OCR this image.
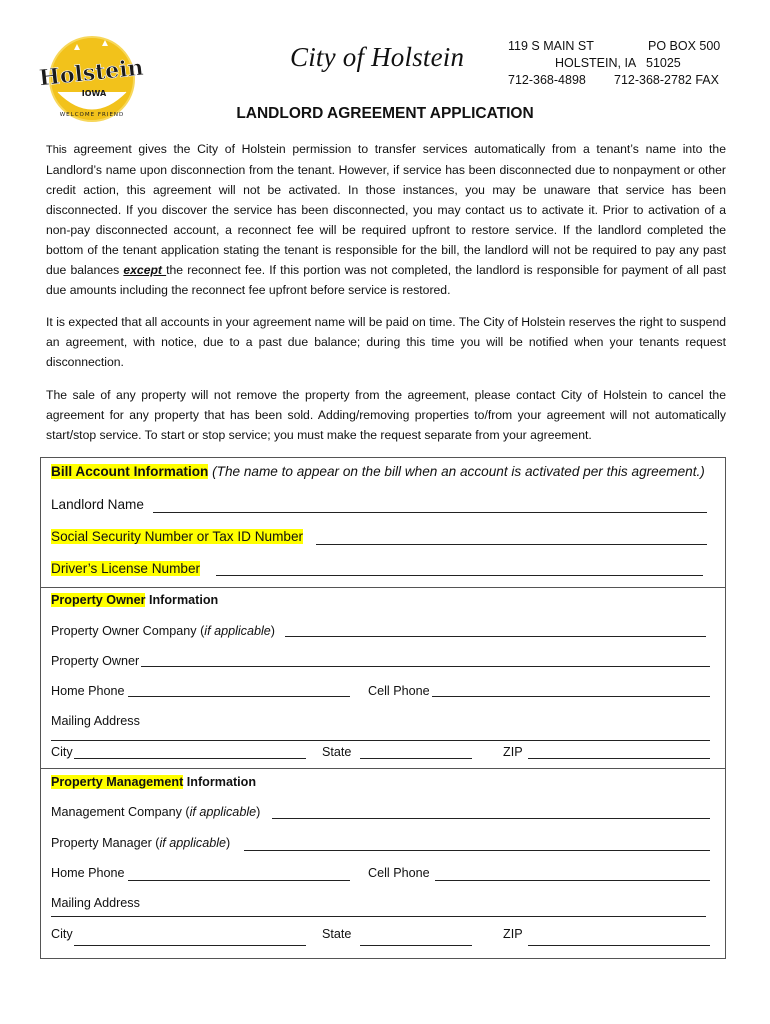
Holstein
IOWA
WELCOME FRIEND
City of Holstein	119 S MAIN ST	PO BOX 500
HOLSTEIN, IA   51025
712-368-4898 712-368-2782 FAX
LANDLORD AGREEMENT APPLICATION
This agreement gives the City of Holstein permission to transfer services automatically from a tenant’s name into the Landlord’s name upon disconnection from the tenant. However, if service has been disconnected due to nonpayment or other credit action, this agreement will not be activated. In those instances, you may be unaware that service has been disconnected. If you discover the service has been disconnected, you may contact us to activate it. Prior to activation of a non-pay disconnected account, a reconnect fee will be required upfront to restore service. If the landlord completed the bottom of the tenant application stating the tenant is responsible for the bill, the landlord will not be required to pay any past due balances except the reconnect fee. If this portion was not completed, the landlord is responsible for payment of all past due amounts including the reconnect fee upfront before service is restored.
It is expected that all accounts in your agreement name will be paid on time. The City of Holstein reserves the right to suspend an agreement, with notice, due to a past due balance; during this time you will be notified when your tenants request disconnection.
The sale of any property will not remove the property from the agreement, please contact City of Holstein to cancel the agreement for any property that has been sold. Adding/removing properties to/from your agreement will not automatically start/stop service. To start or stop service; you must make the request separate from your agreement.
Bill Account Information (The name to appear on the bill when an account is activated per this agreement.)
Landlord Name
Social Security Number or Tax ID Number
Driver’s License Number
Property Owner Information
Property Owner Company (if applicable)
Property Owner
Home Phone	Cell Phone
Mailing Address
City	State	ZIP
Property Management Information
Management Company (if applicable)
Property Manager (if applicable)
Home Phone	Cell Phone
Mailing Address
City	State	ZIP
